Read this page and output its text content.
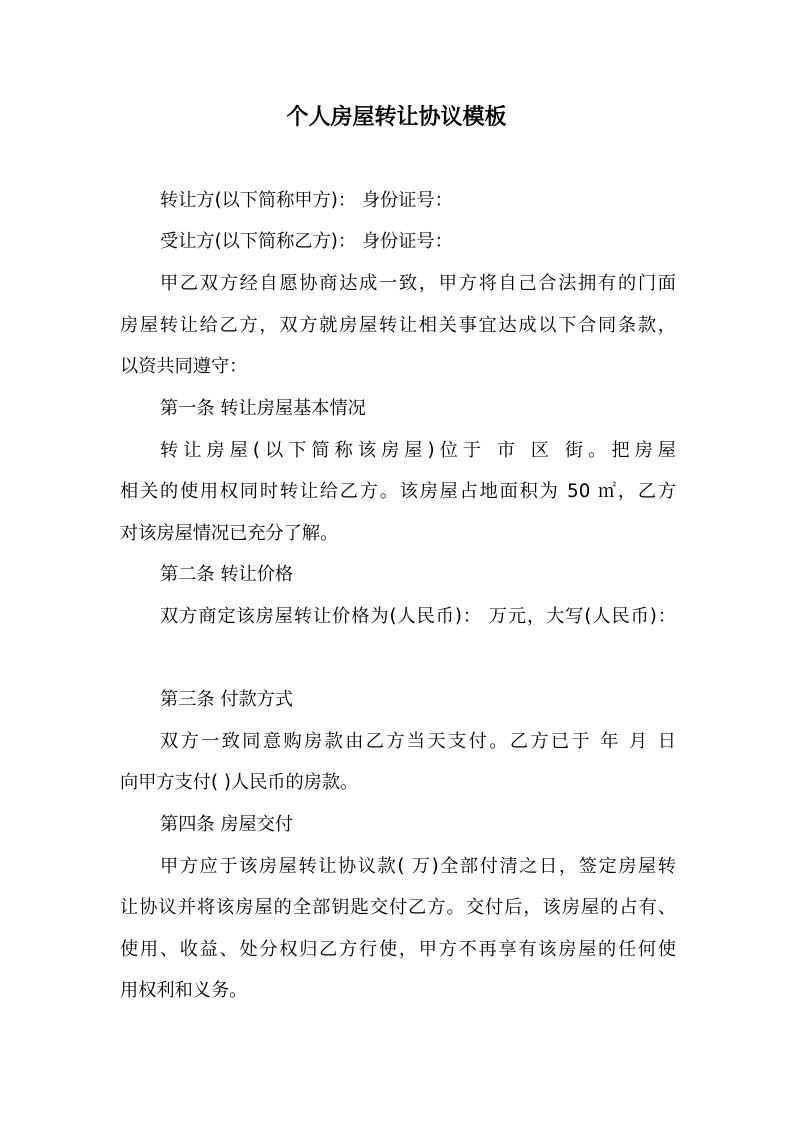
个人房屋转让协议模板
转让方(以下简称甲方)： 身份证号：
受让方(以下简称乙方)： 身份证号：
甲乙双方经自愿协商达成一致，甲方将自己合法拥有的门面
房屋转让给乙方，双方就房屋转让相关事宜达成以下合同条款，
以资共同遵守：
第一条 转让房屋基本情况
转让房屋(以下简称该房屋)位于 市 区 街。把房屋
相关的使用权同时转让给乙方。该房屋占地面积为 50 ㎡，乙方
对该房屋情况已充分了解。
第二条 转让价格
双方商定该房屋转让价格为(人民币)： 万元，大写(人民币)：
第三条 付款方式
双方一致同意购房款由乙方当天支付。乙方已于 年 月 日
向甲方支付( )人民币的房款。
第四条 房屋交付
甲方应于该房屋转让协议款( 万)全部付清之日，签定房屋转
让协议并将该房屋的全部钥匙交付乙方。交付后，该房屋的占有、
使用、收益、处分权归乙方行使，甲方不再享有该房屋的任何使
用权利和义务。
